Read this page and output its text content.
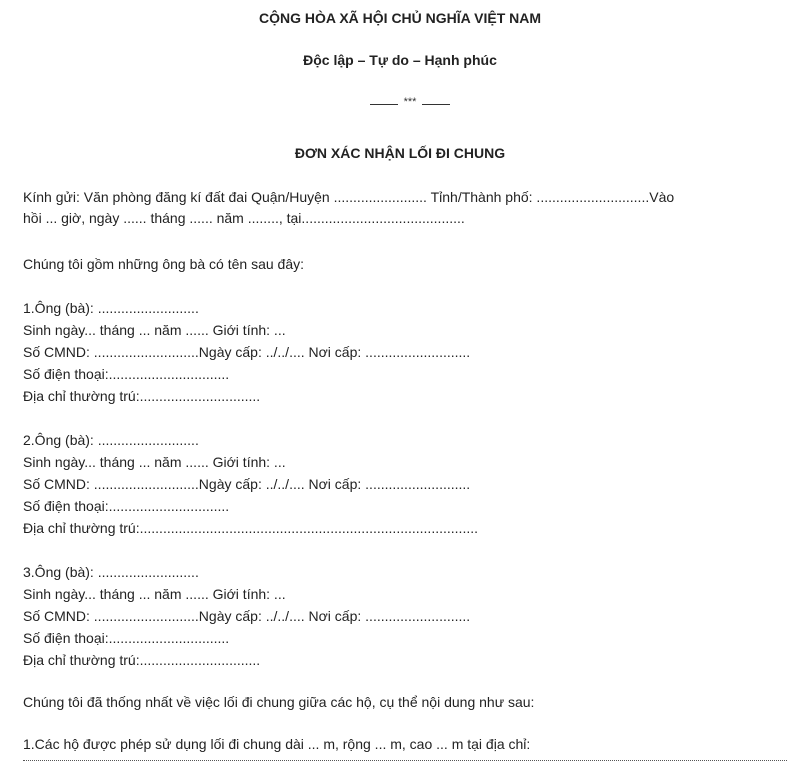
CỘNG HÒA XÃ HỘI CHỦ NGHĨA VIỆT NAM
Độc lập – Tự do – Hạnh phúc
***
ĐƠN XÁC NHẬN LỐI ĐI CHUNG
Kính gửi: Văn phòng đăng kí đất đai Quận/Huyện ........................ Tỉnh/Thành phố: .............................Vào
hồi ... giờ, ngày ...... tháng ...... năm ........, tại..........................................
Chúng tôi gồm những ông bà có tên sau đây:
1.Ông (bà): ..........................
Sinh ngày... tháng ... năm ...... Giới tính: ...
Số CMND: ...........................Ngày cấp: ../../.... Nơi cấp: ...........................
Số điện thoại:...............................
Địa chỉ thường trú:...............................
2.Ông (bà): ..........................
Sinh ngày... tháng ... năm ...... Giới tính: ...
Số CMND: ...........................Ngày cấp: ../../.... Nơi cấp: ...........................
Số điện thoại:...............................
Địa chỉ thường trú:.......................................................................................
3.Ông (bà): ..........................
Sinh ngày... tháng ... năm ...... Giới tính: ...
Số CMND: ...........................Ngày cấp: ../../.... Nơi cấp: ...........................
Số điện thoại:...............................
Địa chỉ thường trú:...............................
Chúng tôi đã thống nhất về việc lối đi chung giữa các hộ, cụ thể nội dung như sau:
1.Các hộ được phép sử dụng lối đi chung dài ... m, rộng ... m, cao ... m tại địa chỉ:
